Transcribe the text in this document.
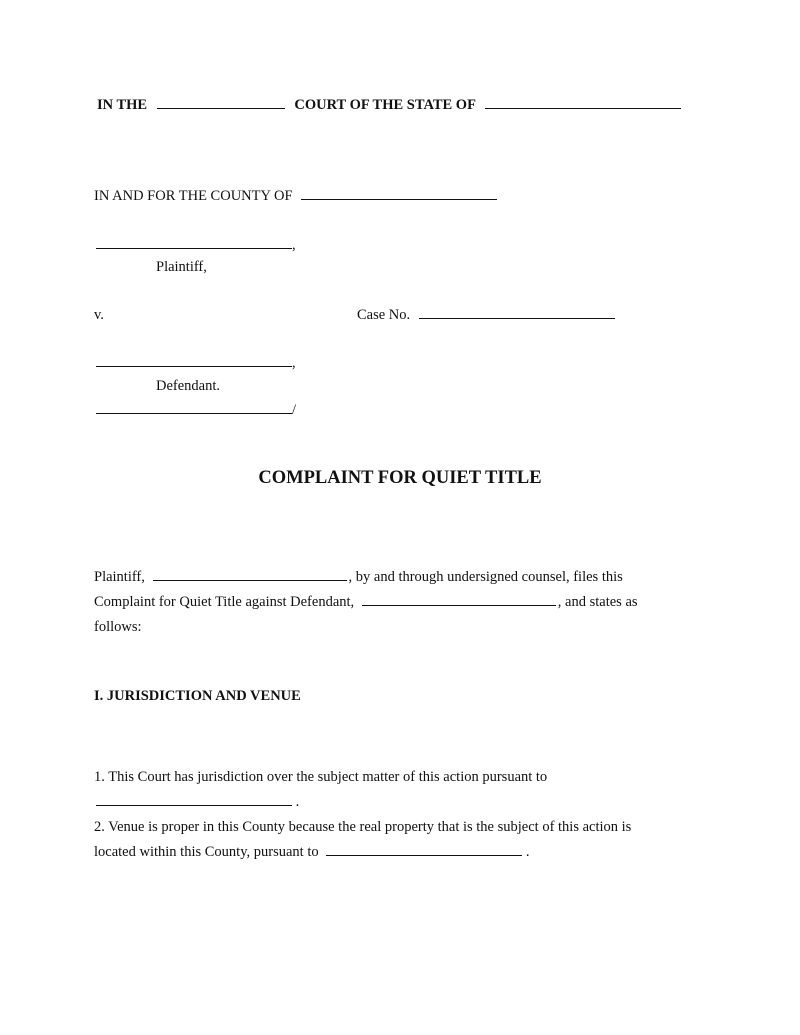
IN THE	COURT OF THE STATE OF
IN AND FOR THE COUNTY OF
,
Plaintiff,
v.	Case No.
,
Defendant.
/
COMPLAINT FOR QUIET TITLE
Plaintiff,	, by and through undersigned counsel, files this
Complaint for Quiet Title against Defendant,	, and states as
follows:
I. JURISDICTION AND VENUE
1. This Court has jurisdiction over the subject matter of this action pursuant to
.
2. Venue is proper in this County because the real property that is the subject of this action is
located within this County, pursuant to	.
